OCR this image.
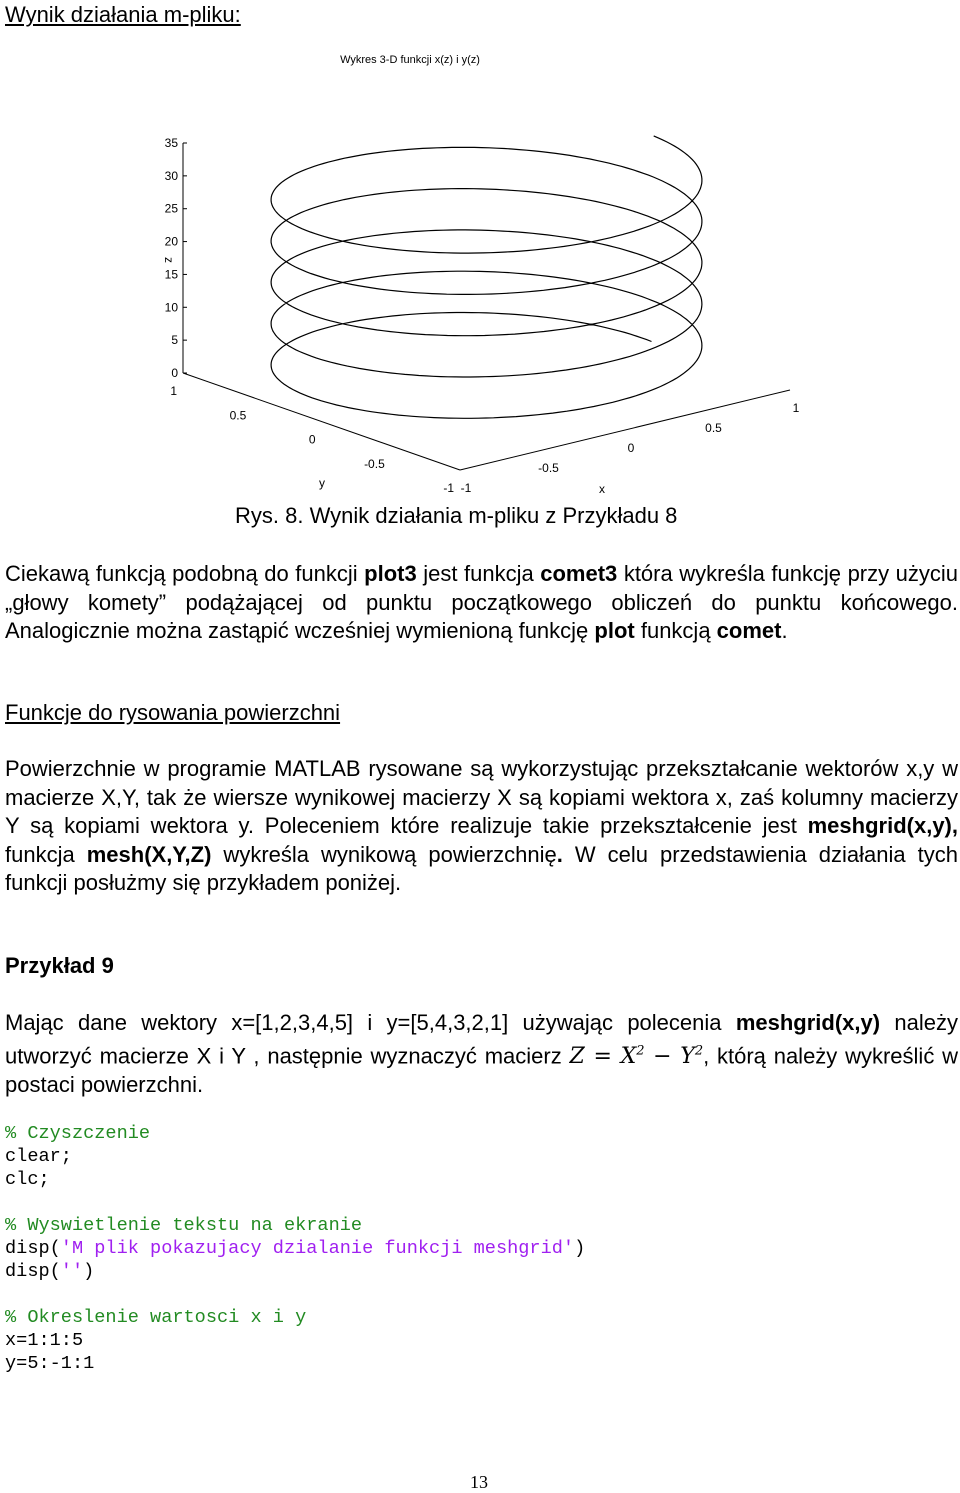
Wynik działania m-pliku:
Wykres 3-D funkcji x(z) i y(z)
0
5
10
15
20
25
30
35
1
0.5
0
-0.5
-1 -1
-0.5
0
0.5
1
z
y	x
Rys. 8. Wynik działania m-pliku z Przykładu 8
Ciekawą funkcją podobną do funkcji plot3 jest funkcja comet3 która wykreśla funkcję przy użyciu „głowy komety” podążającej od punktu początkowego obliczeń do punktu końcowego. Analogicznie można zastąpić wcześniej wymienioną funkcję plot funkcją comet.
Funkcje do rysowania powierzchni
Powierzchnie w programie MATLAB rysowane są wykorzystując przekształcanie wektorów x,y w macierze X,Y, tak że wiersze wynikowej macierzy X są kopiami wektora x, zaś kolumny macierzy Y są kopiami wektora y. Poleceniem które realizuje takie przekształcenie jest meshgrid(x,y), funkcja mesh(X,Y,Z) wykreśla wynikową powierzchnię. W celu przedstawienia działania tych funkcji posłużmy się przykładem poniżej.
Przykład 9
Mając dane wektory x=[1,2,3,4,5] i y=[5,4,3,2,1] używając polecenia meshgrid(x,y) należy utworzyć macierze X i Y , następnie wyznaczyć macierz $Z = X^2 - Y^2$, którą należy wykreślić w postaci powierzchni.
% Czyszczenie
clear;
clc;

% Wyswietlenie tekstu na ekranie
disp('M plik pokazujacy dzialanie funkcji meshgrid')
disp('')

% Okreslenie wartosci x i y
x=1:1:5
y=5:-1:1
13
